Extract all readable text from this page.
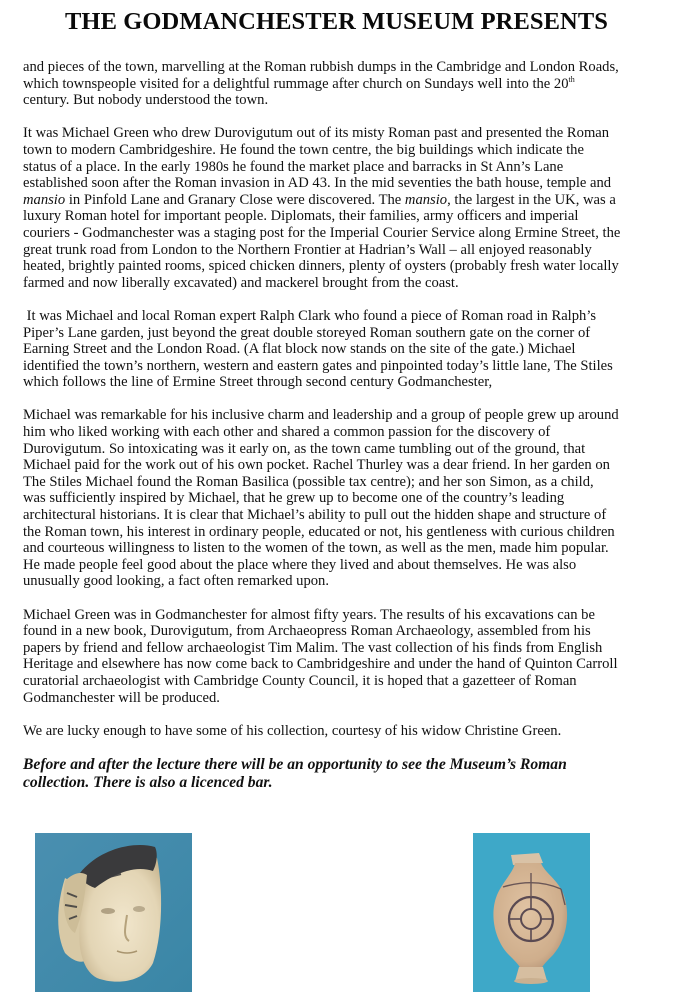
THE GODMANCHESTER MUSEUM PRESENTS

and pieces of the town, marvelling at the Roman rubbish dumps in the Cambridge and London Roads,
which townspeople visited for a delightful rummage after church on Sundays well into the 20th
century. But nobody understood the town.

It was Michael Green who drew Durovigutum out of its misty Roman past and presented the Roman
town to modern Cambridgeshire. He found the town centre, the big buildings which indicate the
status of a place. In the early 1980s he found the market place and barracks in St Ann’s Lane
established soon after the Roman invasion in AD 43. In the mid seventies the bath house, temple and
mansio in Pinfold Lane and Granary Close were discovered. The mansio, the largest in the UK, was a
luxury Roman hotel for important people. Diplomats, their families, army officers and imperial
couriers - Godmanchester was a staging post for the Imperial Courier Service along Ermine Street, the
great trunk road from London to the Northern Frontier at Hadrian’s Wall – all enjoyed reasonably
heated, brightly painted rooms, spiced chicken dinners, plenty of oysters (probably fresh water locally
farmed and now liberally excavated) and mackerel brought from the coast.

It was Michael and local Roman expert Ralph Clark who found a piece of Roman road in Ralph’s
Piper’s Lane garden, just beyond the great double storeyed Roman southern gate on the corner of
Earning Street and the London Road. (A flat block now stands on the site of the gate.) Michael
identified the town’s northern, western and eastern gates and pinpointed today’s little lane, The Stiles
which follows the line of Ermine Street through second century Godmanchester,

Michael was remarkable for his inclusive charm and leadership and a group of people grew up around
him who liked working with each other and shared a common passion for the discovery of
Durovigutum. So intoxicating was it early on, as the town came tumbling out of the ground, that
Michael paid for the work out of his own pocket. Rachel Thurley was a dear friend. In her garden on
The Stiles Michael found the Roman Basilica (possible tax centre); and her son Simon, as a child,
was sufficiently inspired by Michael, that he grew up to become one of the country’s leading
architectural historians. It is clear that Michael’s ability to pull out the hidden shape and structure of
the Roman town, his interest in ordinary people, educated or not, his gentleness with curious children
and courteous willingness to listen to the women of the town, as well as the men, made him popular.
He made people feel good about the place where they lived and about themselves. He was also
unusually good looking, a fact often remarked upon.

Michael Green was in Godmanchester for almost fifty years. The results of his excavations can be
found in a new book, Durovigutum, from Archaeopress Roman Archaeology, assembled from his
papers by friend and fellow archaeologist Tim Malim. The vast collection of his finds from English
Heritage and elsewhere has now come back to Cambridgeshire and under the hand of Quinton Carroll
curatorial archaeologist with Cambridge County Council, it is hoped that a gazetteer of Roman
Godmanchester will be produced.

We are lucky enough to have some of his collection, courtesy of his widow Christine Green.

Before and after the lecture there will be an opportunity to see the Museum’s Roman
collection. There is also a licenced bar.
